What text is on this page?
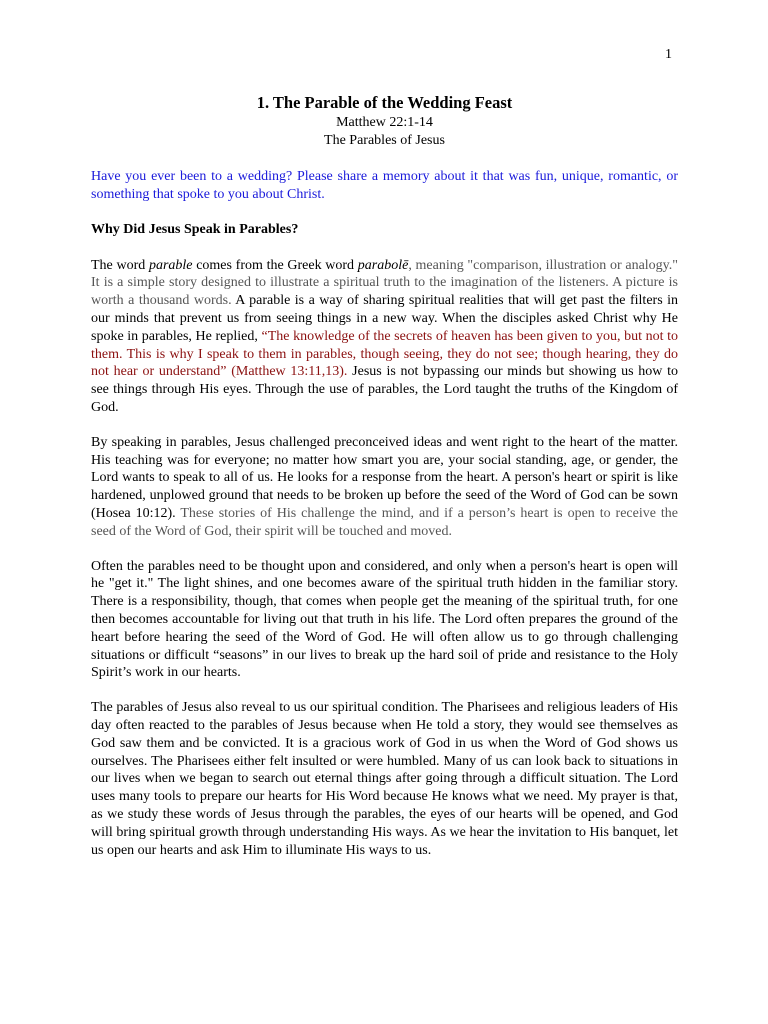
1
1. The Parable of the Wedding Feast
Matthew 22:1-14
The Parables of Jesus

Have you ever been to a wedding? Please share a memory about it that was fun, unique, romantic, or something that spoke to you about Christ.

Why Did Jesus Speak in Parables?

The word parable comes from the Greek word parabolē, meaning "comparison, illustration or analogy." It is a simple story designed to illustrate a spiritual truth to the imagination of the listeners. A picture is worth a thousand words. A parable is a way of sharing spiritual realities that will get past the filters in our minds that prevent us from seeing things in a new way. When the disciples asked Christ why He spoke in parables, He replied, “The knowledge of the secrets of heaven has been given to you, but not to them. This is why I speak to them in parables, though seeing, they do not see; though hearing, they do not hear or understand” (Matthew 13:11,13). Jesus is not bypassing our minds but showing us how to see things through His eyes. Through the use of parables, the Lord taught the truths of the Kingdom of God.

By speaking in parables, Jesus challenged preconceived ideas and went right to the heart of the matter. His teaching was for everyone; no matter how smart you are, your social standing, age, or gender, the Lord wants to speak to all of us. He looks for a response from the heart. A person's heart or spirit is like hardened, unplowed ground that needs to be broken up before the seed of the Word of God can be sown (Hosea 10:12). These stories of His challenge the mind, and if a person’s heart is open to receive the seed of the Word of God, their spirit will be touched and moved.

Often the parables need to be thought upon and considered, and only when a person's heart is open will he "get it." The light shines, and one becomes aware of the spiritual truth hidden in the familiar story. There is a responsibility, though, that comes when people get the meaning of the spiritual truth, for one then becomes accountable for living out that truth in his life. The Lord often prepares the ground of the heart before hearing the seed of the Word of God. He will often allow us to go through challenging situations or difficult “seasons” in our lives to break up the hard soil of pride and resistance to the Holy Spirit’s work in our hearts.

The parables of Jesus also reveal to us our spiritual condition. The Pharisees and religious leaders of His day often reacted to the parables of Jesus because when He told a story, they would see themselves as God saw them and be convicted. It is a gracious work of God in us when the Word of God shows us ourselves. The Pharisees either felt insulted or were humbled. Many of us can look back to situations in our lives when we began to search out eternal things after going through a difficult situation. The Lord uses many tools to prepare our hearts for His Word because He knows what we need. My prayer is that, as we study these words of Jesus through the parables, the eyes of our hearts will be opened, and God will bring spiritual growth through understanding His ways. As we hear the invitation to His banquet, let us open our hearts and ask Him to illuminate His ways to us.
